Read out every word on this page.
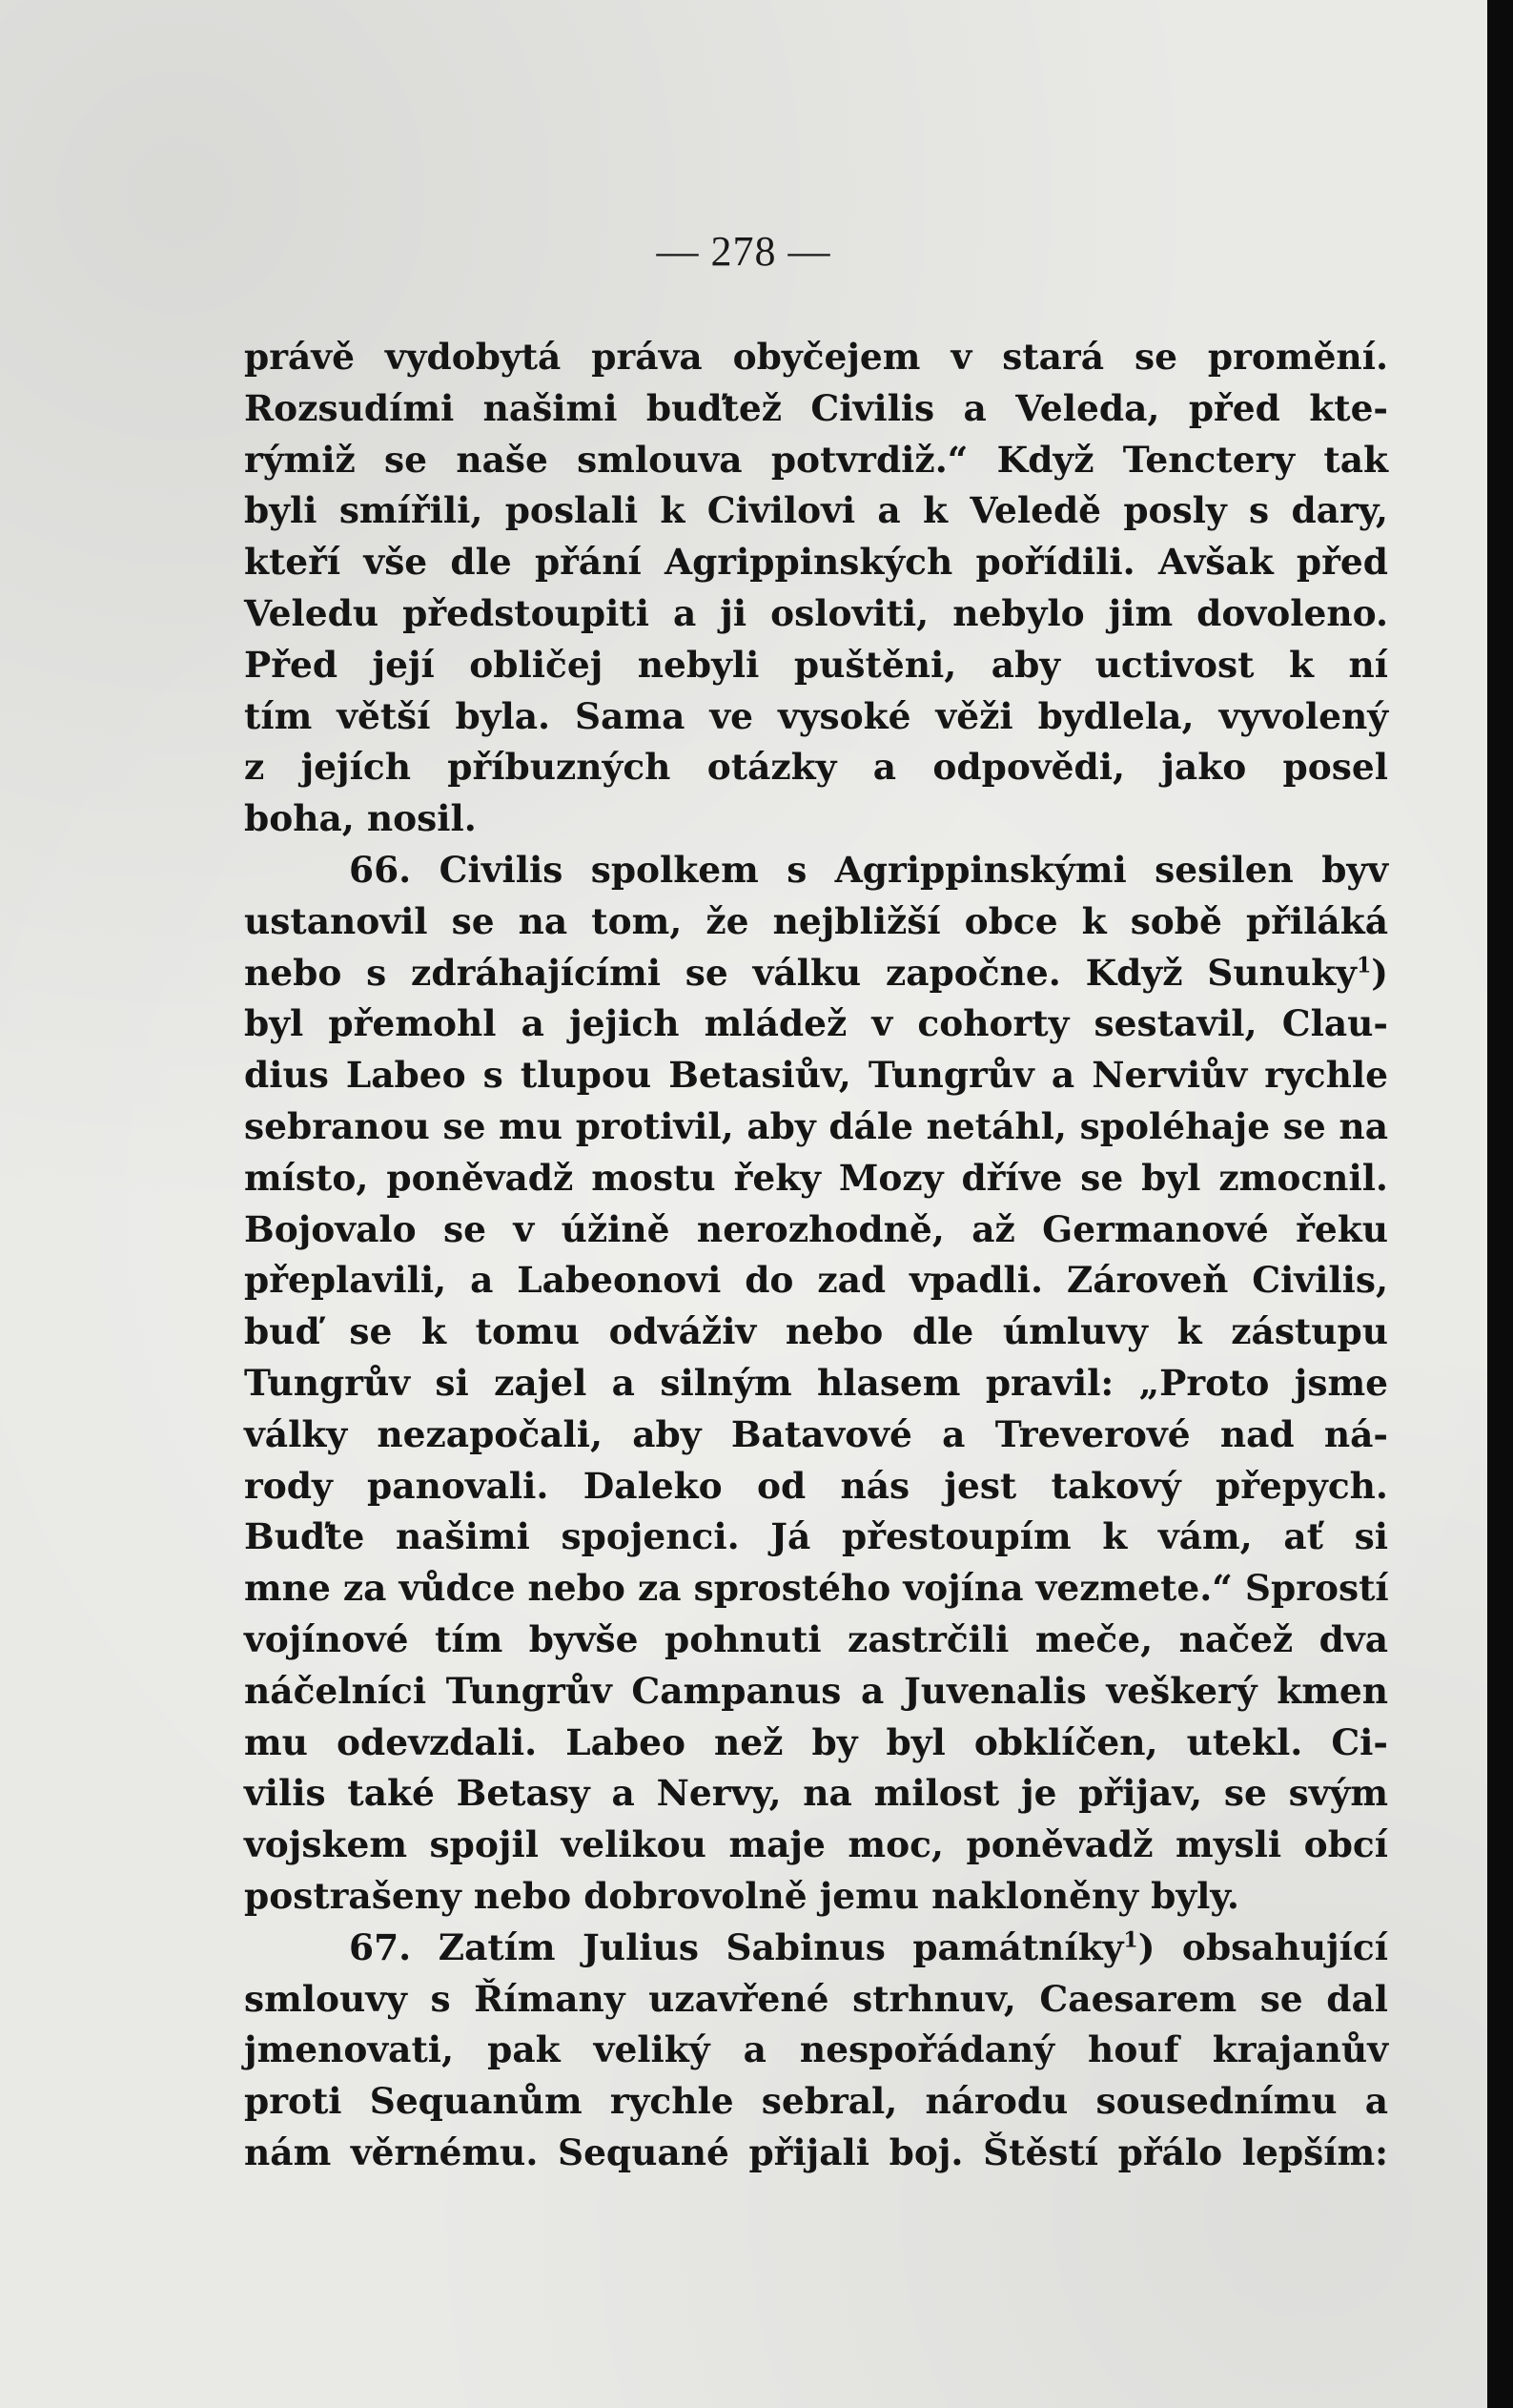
— 278 —
právě vydobytá práva obyčejem v stará se promění.
Rozsudími našimi buďtež Civilis a Veleda, před kte-
rýmiž se naše smlouva potvrdiž.“ Když Tenctery tak
byli smířili, poslali k Civilovi a k Veledě posly s dary,
kteří vše dle přání Agrippinských pořídili. Avšak před
Veledu předstoupiti a ji osloviti, nebylo jim dovoleno.
Před její obličej nebyli puštěni, aby uctivost k ní
tím větší byla. Sama ve vysoké věži bydlela, vyvolený
z jejích příbuzných otázky a odpovědi, jako posel
boha, nosil.
66. Civilis spolkem s Agrippinskými sesilen byv
ustanovil se na tom, že nejbližší obce k sobě přiláká
nebo s zdráhajícími se válku započne. Když Sunuky$^1$)
byl přemohl a jejich mládež v cohorty sestavil, Clau-
dius Labeo s tlupou Betasiův, Tungrův a Nerviův rychle
sebranou se mu protivil, aby dále netáhl, spoléhaje se na
místo, poněvadž mostu řeky Mozy dříve se byl zmocnil.
Bojovalo se v úžině nerozhodně, až Germanové řeku
přeplavili, a Labeonovi do zad vpadli. Zároveň Civilis,
buď se k tomu odváživ nebo dle úmluvy k zástupu
Tungrův si zajel a silným hlasem pravil: „Proto jsme
války nezapočali, aby Batavové a Treverové nad ná-
rody panovali. Daleko od nás jest takový přepych.
Buďte našimi spojenci. Já přestoupím k vám, ať si
mne za vůdce nebo za sprostého vojína vezmete.“ Sprostí
vojínové tím byvše pohnuti zastrčili meče, načež dva
náčelníci Tungrův Campanus a Juvenalis veškerý kmen
mu odevzdali. Labeo než by byl obklíčen, utekl. Ci-
vilis také Betasy a Nervy, na milost je přijav, se svým
vojskem spojil velikou maje moc, poněvadž mysli obcí
postrašeny nebo dobrovolně jemu nakloněny byly.
67. Zatím Julius Sabinus památníky$^1$) obsahující
smlouvy s Římany uzavřené strhnuv, Caesarem se dal
jmenovati, pak veliký a nespořádaný houf krajanův
proti Sequanům rychle sebral, národu sousednímu a
nám věrnému. Sequané přijali boj. Štěstí přálo lepším:
